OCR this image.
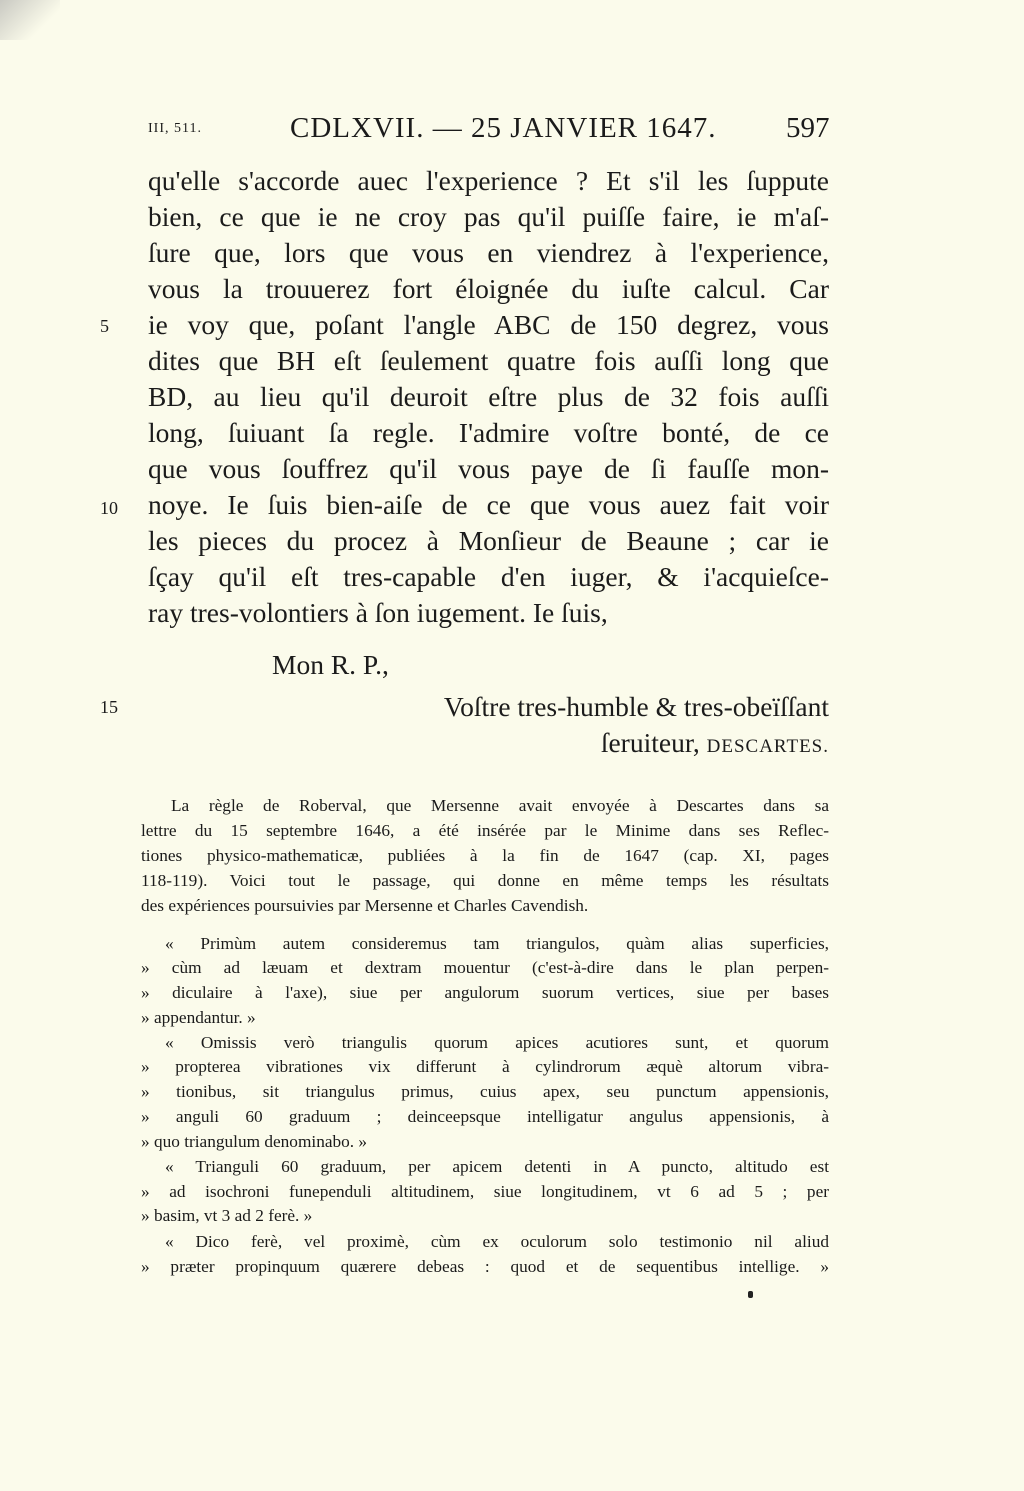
III, 511.	CDLXVII. — 25 JANVIER 1647. 597
qu'elle s'accorde auec l'experience ? Et s'il les ſuppute
bien, ce que ie ne croy pas qu'il puiſſe faire, ie m'aſ-
ſure que, lors que vous en viendrez à l'experience,
vous la trouuerez fort éloignée du iuſte calcul. Car
ie voy que, poſant l'angle ABC de 150 degrez, vous
dites que BH eſt ſeulement quatre fois auſſi long que
BD, au lieu qu'il deuroit eſtre plus de 32 fois auſſi
long, ſuiuant ſa regle. I'admire voſtre bonté, de ce
que vous ſouffrez qu'il vous paye de ſi fauſſe mon-
noye. Ie ſuis bien-aiſe de ce que vous auez fait voir
les pieces du procez à Monſieur de Beaune ; car ie
ſçay qu'il eſt tres-capable d'en iuger, & i'acquieſce-
ray tres-volontiers à ſon iugement. Ie ſuis,
5
10
15
Mon R. P.,
Voſtre tres-humble & tres-obeïſſant
ſeruiteur, DESCARTES.
La règle de Roberval, que Mersenne avait envoyée à Descartes dans sa
lettre du 15 septembre 1646, a été insérée par le Minime dans ses Reflec-
tiones physico-mathematicæ, publiées à la fin de 1647 (cap. XI, pages
118-119). Voici tout le passage, qui donne en même temps les résultats
des expériences poursuivies par Mersenne et Charles Cavendish.
« Primùm autem consideremus tam triangulos, quàm alias superficies,
» cùm ad læuam et dextram mouentur (c'est-à-dire dans le plan perpen-
» diculaire à l'axe), siue per angulorum suorum vertices, siue per bases
» appendantur. »
« Omissis verò triangulis quorum apices acutiores sunt, et quorum
» propterea vibrationes vix differunt à cylindrorum æquè altorum vibra-
» tionibus, sit triangulus primus, cuius apex, seu punctum appensionis,
» anguli 60 graduum ; deinceepsque intelligatur angulus appensionis, à
» quo triangulum denominabo. »
« Trianguli 60 graduum, per apicem detenti in A puncto, altitudo est
» ad isochroni funependuli altitudinem, siue longitudinem, vt 6 ad 5 ; per
» basim, vt 3 ad 2 ferè. »
« Dico ferè, vel proximè, cùm ex oculorum solo testimonio nil aliud
» præter propinquum quærere debeas : quod et de sequentibus intellige. »
